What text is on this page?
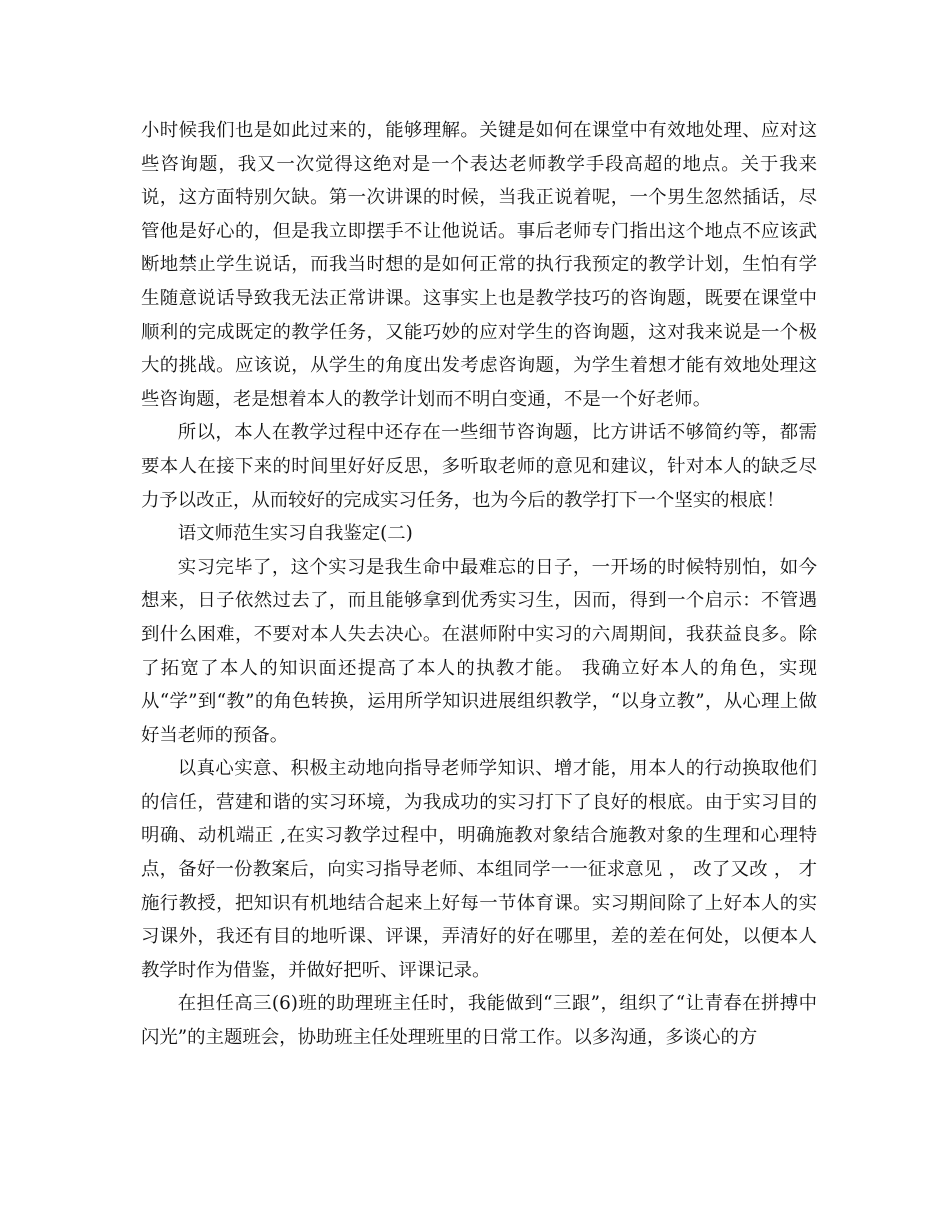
小时候我们也是如此过来的，能够理解。关键是如何在课堂中有效地处理、应对这些咨询题，我又一次觉得这绝对是一个表达老师教学手段高超的地点。关于我来说，这方面特别欠缺。第一次讲课的时候，当我正说着呢，一个男生忽然插话，尽管他是好心的，但是我立即摆手不让他说话。事后老师专门指出这个地点不应该武断地禁止学生说话，而我当时想的是如何正常的执行我预定的教学计划，生怕有学生随意说话导致我无法正常讲课。这事实上也是教学技巧的咨询题，既要在课堂中顺利的完成既定的教学任务，又能巧妙的应对学生的咨询题，这对我来说是一个极大的挑战。应该说，从学生的角度出发考虑咨询题，为学生着想才能有效地处理这些咨询题，老是想着本人的教学计划而不明白变通，不是一个好老师。

所以，本人在教学过程中还存在一些细节咨询题，比方讲话不够简约等，都需要本人在接下来的时间里好好反思，多听取老师的意见和建议，针对本人的缺乏尽力予以改正，从而较好的完成实习任务，也为今后的教学打下一个坚实的根底！

语文师范生实习自我鉴定(二)

实习完毕了，这个实习是我生命中最难忘的日子，一开场的时候特别怕，如今想来，日子依然过去了，而且能够拿到优秀实习生，因而，得到一个启示：不管遇到什么困难，不要对本人失去决心。在湛师附中实习的六周期间，我获益良多。除了拓宽了本人的知识面还提高了本人的执教才能。 我确立好本人的角色，实现从“学”到“教”的角色转换，运用所学知识进展组织教学，“以身立教”，从心理上做好当老师的预备。

以真心实意、积极主动地向指导老师学知识、增才能，用本人的行动换取他们的信任，营建和谐的实习环境，为我成功的实习打下了良好的根底。由于实习目的明确、动机端正 ,在实习教学过程中，明确施教对象结合施教对象的生理和心理特点，备好一份教案后，向实习指导老师、本组同学一一征求意见 ， 改了又改 ， 才施行教授，把知识有机地结合起来上好每一节体育课。实习期间除了上好本人的实习课外，我还有目的地听课、评课，弄清好的好在哪里，差的差在何处，以便本人教学时作为借鉴，并做好把听、评课记录。

在担任高三(6)班的助理班主任时，我能做到“三跟”，组织了“让青春在拼搏中闪光”的主题班会，协助班主任处理班里的日常工作。以多沟通，多谈心的方
